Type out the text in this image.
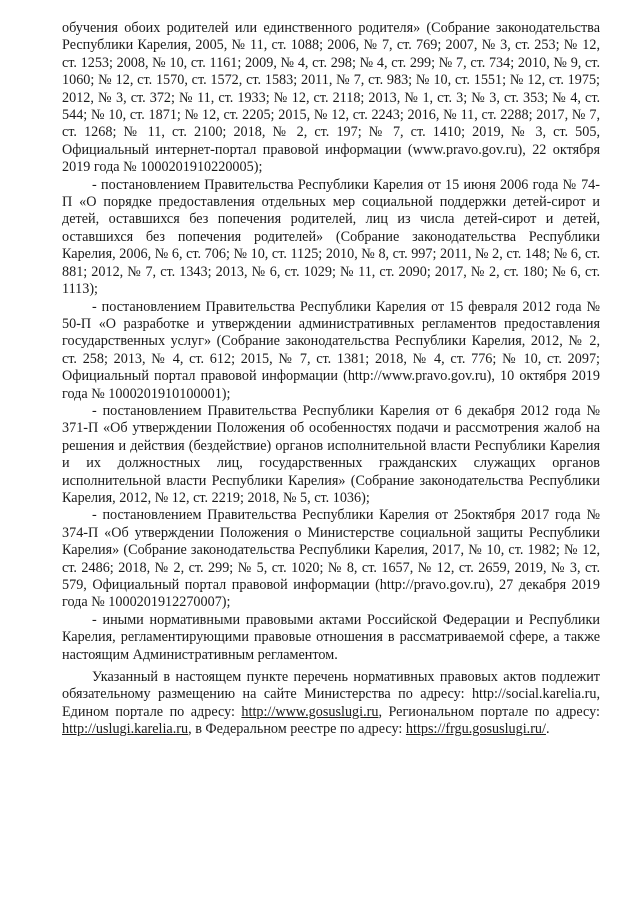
обучения обоих родителей или единственного родителя» (Собрание законодательства Республики Карелия, 2005, № 11, ст. 1088; 2006, № 7, ст. 769; 2007, № 3, ст. 253; № 12, ст. 1253; 2008, № 10, ст. 1161; 2009, № 4, ст. 298; № 4, ст. 299; № 7, ст. 734; 2010, № 9, ст. 1060; № 12, ст. 1570, ст. 1572, ст. 1583; 2011, № 7, ст. 983; № 10, ст. 1551; № 12, ст. 1975; 2012, № 3, ст. 372; № 11, ст. 1933; № 12, ст. 2118; 2013, № 1, ст. 3; № 3, ст. 353; № 4, ст. 544; № 10, ст. 1871; № 12, ст. 2205; 2015, № 12, ст. 2243; 2016, № 11, ст. 2288; 2017, № 7, ст. 1268; № 11, ст. 2100; 2018, № 2, ст. 197; № 7, ст. 1410; 2019, № 3, ст. 505, Официальный интернет-портал правовой информации (www.pravo.gov.ru), 22 октября 2019 года № 1000201910220005);

- постановлением Правительства Республики Карелия от 15 июня 2006 года № 74-П «О порядке предоставления отдельных мер социальной поддержки детей-сирот и детей, оставшихся без попечения родителей, лиц из числа детей-сирот и детей, оставшихся без попечения родителей» (Собрание законодательства Республики Карелия, 2006, № 6, ст. 706; № 10, ст. 1125; 2010, № 8, ст. 997; 2011, № 2, ст. 148; № 6, ст. 881; 2012, № 7, ст. 1343; 2013, № 6, ст. 1029; № 11, ст. 2090; 2017, № 2, ст. 180; № 6, ст. 1113);

- постановлением Правительства Республики Карелия от 15 февраля 2012 года № 50-П «О разработке и утверждении административных регламентов предоставления государственных услуг» (Собрание законодательства Республики Карелия, 2012, № 2, ст. 258; 2013, № 4, ст. 612; 2015, № 7, ст. 1381; 2018, № 4, ст. 776; № 10, ст. 2097; Официальный портал правовой информации (http://www.pravo.gov.ru), 10 октября 2019 года № 1000201910100001);

- постановлением Правительства Республики Карелия от 6 декабря 2012 года № 371-П «Об утверждении Положения об особенностях подачи и рассмотрения жалоб на решения и действия (бездействие) органов исполнительной власти Республики Карелия и их должностных лиц, государственных гражданских служащих органов исполнительной власти Республики Карелия» (Собрание законодательства Республики Карелия, 2012, № 12, ст. 2219; 2018, № 5, ст. 1036);

- постановлением Правительства Республики Карелия от 25октября 2017 года № 374-П «Об утверждении Положения о Министерстве социальной защиты Республики Карелия» (Собрание законодательства Республики Карелия, 2017, № 10, ст. 1982; № 12, ст. 2486; 2018, № 2, ст. 299; № 5, ст. 1020; № 8, ст. 1657, № 12, ст. 2659, 2019, № 3, ст. 579, Официальный портал правовой информации (http://pravo.gov.ru), 27 декабря 2019 года № 1000201912270007);

- иными нормативными правовыми актами Российской Федерации и Республики Карелия, регламентирующими правовые отношения в рассматриваемой сфере, а также настоящим Административным регламентом.

Указанный в настоящем пункте перечень нормативных правовых актов подлежит обязательному размещению на сайте Министерства по адресу: http://social.karelia.ru, Едином портале по адресу: http://www.gosuslugi.ru, Региональном портале по адресу: http://uslugi.karelia.ru, в Федеральном реестре по адресу: https://frgu.gosuslugi.ru/.
